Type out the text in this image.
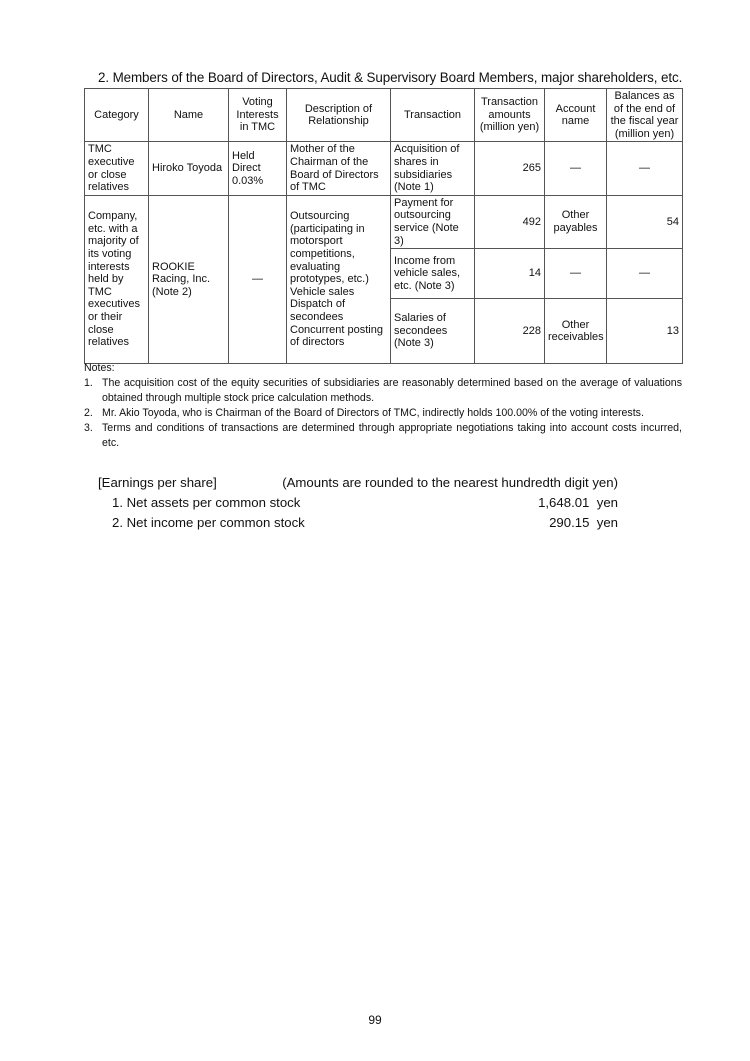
2. Members of the Board of Directors, Audit & Supervisory Board Members, major shareholders, etc.
Category	Name	Voting Interests in TMC	Description of Relationship	Transaction	Transaction amounts (million yen)	Account name	Balances as of the end of the fiscal year (million yen)
TMC executive or close relatives	Hiroko Toyoda	Held Direct 0.03%	Mother of the Chairman of the Board of Directors of TMC	Acquisition of shares in subsidiaries (Note 1)	265	—	—
Company, etc. with a majority of its voting interests held by TMC executives or their close relatives	ROOKIE Racing, Inc. (Note 2)	—	Outsourcing (participating in motorsport competitions, evaluating prototypes, etc.) Vehicle sales Dispatch of secondees Concurrent posting of directors	Payment for outsourcing service (Note 3)	492	Other payables	54
				Income from vehicle sales, etc. (Note 3)	14	—	—
				Salaries of secondees (Note 3)	228	Other receivables	13
Notes:
1. The acquisition cost of the equity securities of subsidiaries are reasonably determined based on the average of valuations obtained through multiple stock price calculation methods.
2. Mr. Akio Toyoda, who is Chairman of the Board of Directors of TMC, indirectly holds 100.00% of the voting interests.
3. Terms and conditions of transactions are determined through appropriate negotiations taking into account costs incurred, etc.
[Earnings per share]	(Amounts are rounded to the nearest hundredth digit yen)
1. Net assets per common stock	1,648.01  yen
2. Net income per common stock	290.15  yen
99
